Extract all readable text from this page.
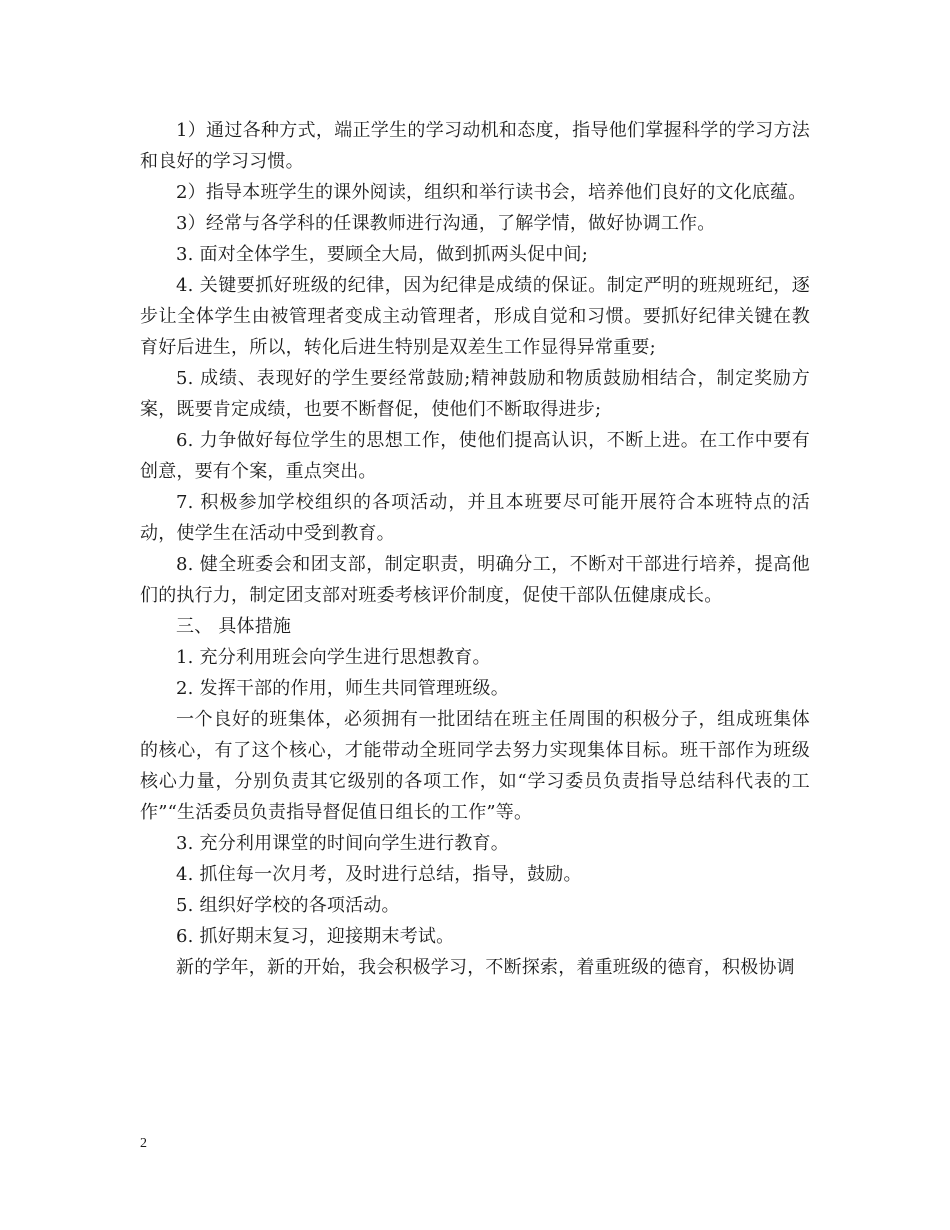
1）通过各种方式，端正学生的学习动机和态度，指导他们掌握科学的学习方法和良好的学习习惯。

2）指导本班学生的课外阅读，组织和举行读书会，培养他们良好的文化底蕴。

3）经常与各学科的任课教师进行沟通，了解学情，做好协调工作。

3. 面对全体学生，要顾全大局，做到抓两头促中间;

4. 关键要抓好班级的纪律，因为纪律是成绩的保证。制定严明的班规班纪，逐步让全体学生由被管理者变成主动管理者，形成自觉和习惯。要抓好纪律关键在教育好后进生，所以，转化后进生特别是双差生工作显得异常重要;

5. 成绩、表现好的学生要经常鼓励;精神鼓励和物质鼓励相结合，制定奖励方案，既要肯定成绩，也要不断督促，使他们不断取得进步;

6. 力争做好每位学生的思想工作，使他们提高认识，不断上进。在工作中要有创意，要有个案，重点突出。

7. 积极参加学校组织的各项活动，并且本班要尽可能开展符合本班特点的活动，使学生在活动中受到教育。

8. 健全班委会和团支部，制定职责，明确分工，不断对干部进行培养，提高他们的执行力，制定团支部对班委考核评价制度，促使干部队伍健康成长。

三、 具体措施

1. 充分利用班会向学生进行思想教育。

2. 发挥干部的作用，师生共同管理班级。

一个良好的班集体，必须拥有一批团结在班主任周围的积极分子，组成班集体的核心，有了这个核心，才能带动全班同学去努力实现集体目标。班干部作为班级核心力量，分别负责其它级别的各项工作，如“学习委员负责指导总结科代表的工作”“生活委员负责指导督促值日组长的工作”等。

3. 充分利用课堂的时间向学生进行教育。

4. 抓住每一次月考，及时进行总结，指导，鼓励。

5. 组织好学校的各项活动。

6. 抓好期末复习，迎接期末考试。

新的学年，新的开始，我会积极学习，不断探索，着重班级的德育，积极协调

2
